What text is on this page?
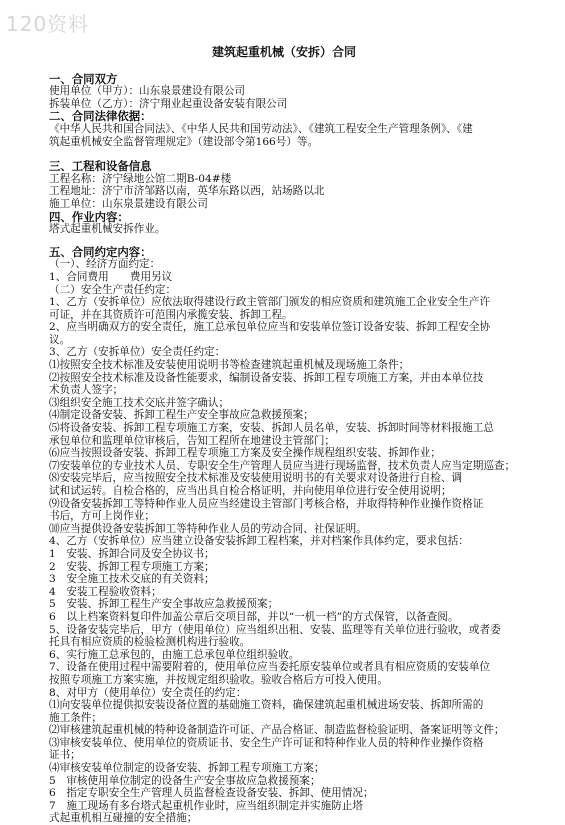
120资料
建筑起重机械（安拆）合同
一、合同双方
使用单位（甲方）：山东泉景建设有限公司
拆装单位（乙方）：济宁翔业起重设备安装有限公司
二、合同法律依据：
《中华人民共和国合同法》、《中华人民共和国劳动法》、《建筑工程安全生产管理条例》、《建
筑起重机械安全监督管理规定》（建设部令第166号）等。
三、工程和设备信息
工程名称：济宁绿地公馆二期B-04#楼
工程地址：济宁市济邹路以南，英华东路以西，站场路以北
施工单位：山东泉景建设有限公司
四、作业内容：
塔式起重机械安拆作业。
五、合同约定内容：
（一）、经济方面约定：
1、合同费用　　费用另议
（二）安全生产责任约定：
1、乙方（安拆单位）应依法取得建设行政主管部门颁发的相应资质和建筑施工企业安全生产许
可证，并在其资质许可范围内承揽安装、拆卸工程。
2、应当明确双方的安全责任，施工总承包单位应当和安装单位签订设备安装、拆卸工程安全协
议。
3、乙方（安拆单位）安全责任约定：
⑴按照安全技术标准及安装使用说明书等检查建筑起重机械及现场施工条件；
⑵按照安全技术标准及设备性能要求，编制设备安装、拆卸工程专项施工方案，并由本单位技
术负责人签字；
⑶组织安全施工技术交底并签字确认；
⑷制定设备安装、拆卸工程生产安全事故应急救援预案；
⑸将设备安装、拆卸工程专项施工方案，安装、拆卸人员名单，安装、拆卸时间等材料报施工总
承包单位和监理单位审核后，告知工程所在地建设主管部门；
⑹应当按照设备安装、拆卸工程专项施工方案及安全操作规程组织安装、拆卸作业；
⑺安装单位的专业技术人员、专职安全生产管理人员应当进行现场监督，技术负责人应当定期巡查；
⑻安装完毕后，应当按照安全技术标准及安装使用说明书的有关要求对设备进行自检、调
试和试运转。自检合格的，应当出具自检合格证明，并向使用单位进行安全使用说明；
⑼设备安装拆卸工等特种作业人员应当经建设主管部门考核合格，并取得特种作业操作资格证
书后，方可上岗作业；
⑽应当提供设备安装拆卸工等特种作业人员的劳动合同、社保证明。
4、乙方（安拆单位）应当建立设备安装拆卸工程档案，并对档案作具体约定，要求包括：
1　安装、拆卸合同及安全协议书；
2　安装、拆卸工程专项施工方案；
3　安全施工技术交底的有关资料；
4　安装工程验收资料；
5　安装、拆卸工程生产安全事故应急救援预案；
6　以上档案资料复印件加盖公章后交项目部，并以“一机一档”的方式保管，以备查阅。
5、设备安装完毕后，甲方（使用单位）应当组织出租、安装、监理等有关单位进行验收，或者委
托具有相应资质的检验检测机构进行验收。
6、实行施工总承包的，由施工总承包单位组织验收。
7、设备在使用过程中需要附着的，使用单位应当委托原安装单位或者具有相应资质的安装单位
按照专项施工方案实施，并按规定组织验收。验收合格后方可投入使用。
8、对甲方（使用单位）安全责任的约定：
⑴向安装单位提供拟安装设备位置的基础施工资料，确保建筑起重机械进场安装、拆卸所需的
施工条件；
⑵审核建筑起重机械的特种设备制造许可证、产品合格证、制造监督检验证明、备案证明等文件；
⑶审核安装单位、使用单位的资质证书、安全生产许可证和特种作业人员的特种作业操作资格
证书；
⑷审核安装单位制定的设备安装、拆卸工程专项施工方案；
5　审核使用单位制定的设备生产安全事故应急救援预案；
6　指定专职安全生产管理人员监督检查设备安装、拆卸、使用情况；
7　施工现场有多台塔式起重机作业时，应当组织制定并实施防止塔
式起重机相互碰撞的安全措施；
